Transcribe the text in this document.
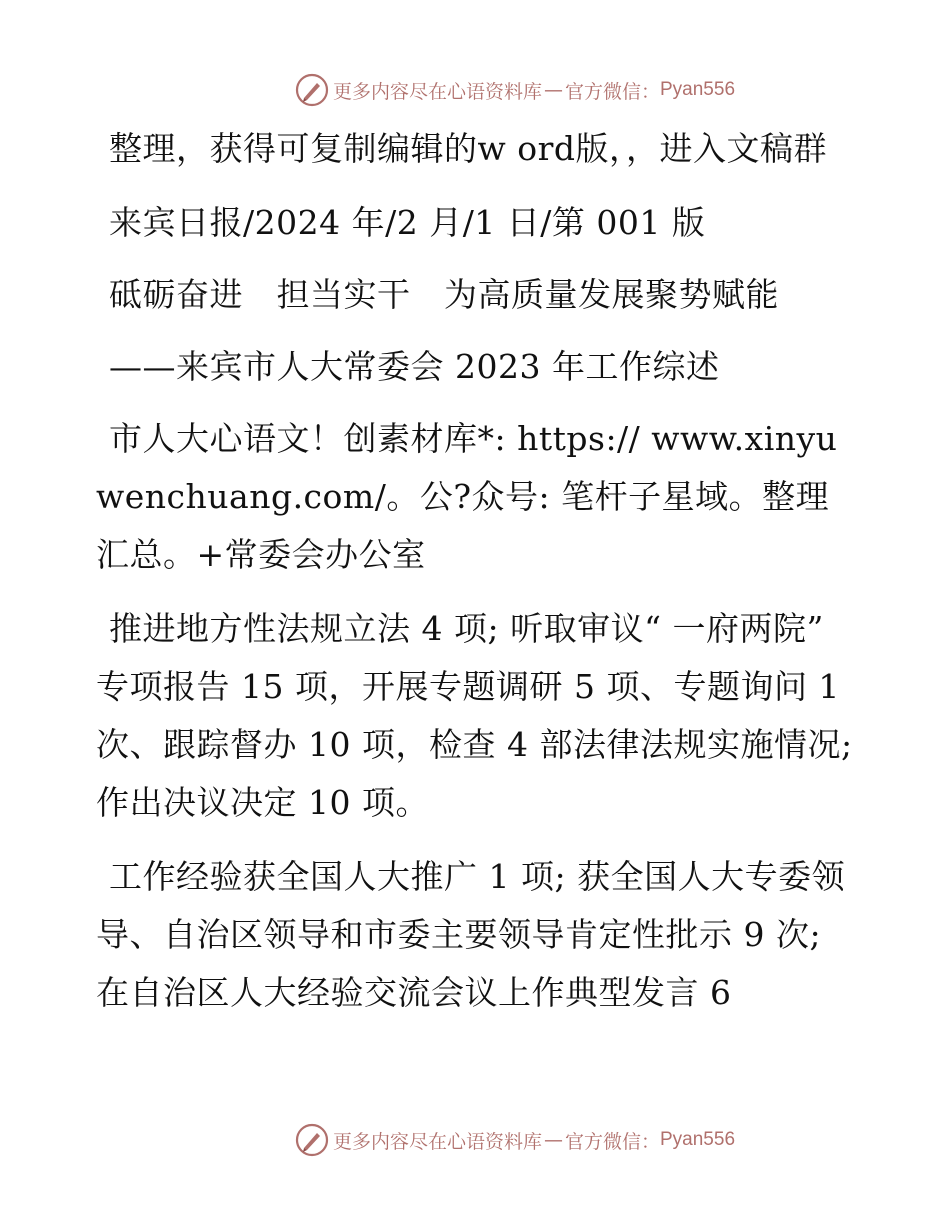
更多内容尽在心语资料库 — 官方微信： Pyan556

整理，获得可复制编辑的w ord版，，进入文稿群

来宾日报/2024 年/2 月/1 日/第 001 版

砥砺奋进　担当实干　为高质量发展聚势赋能

——来宾市人大常委会 2023 年工作综述

市人大心语文！创素材库*: https:// www.xinyuwenchuang.com/。公?众号: 笔杆子星域。整理汇总。+常委会办公室

推进地方性法规立法 4 项; 听取审议“ 一府两院” 专项报告 15 项，开展专题调研 5 项、专题询问 1 次、跟踪督办 10 项，检查 4 部法律法规实施情况; 作出决议决定 10 项。

工作经验获全国人大推广 1 项; 获全国人大专委领导、自治区领导和市委主要领导肯定性批示 9 次; 在自治区人大经验交流会议上作典型发言 6

更多内容尽在心语资料库 — 官方微信： Pyan556
